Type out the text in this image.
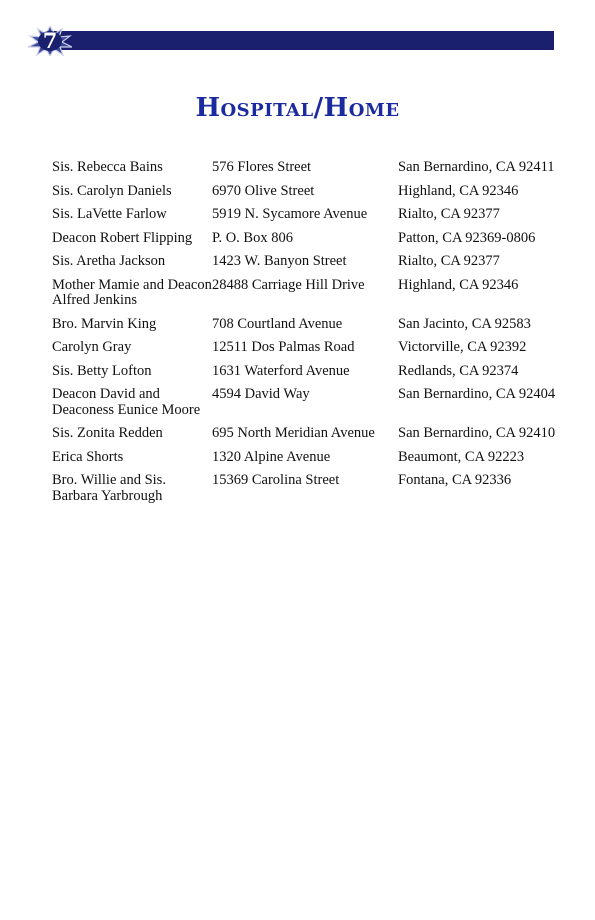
7
Hospital/Home
Sis. Rebecca Bains	576 Flores Street	San Bernardino, CA 92411
Sis. Carolyn Daniels	6970 Olive Street	Highland, CA 92346
Sis. LaVette Farlow	5919 N. Sycamore Avenue	Rialto, CA 92377
Deacon Robert Flipping	P. O. Box 806	Patton, CA 92369-0806
Sis. Aretha Jackson	1423 W. Banyon Street	Rialto, CA 92377
Mother Mamie and Deacon Alfred Jenkins	28488 Carriage Hill Drive	Highland, CA 92346
Bro. Marvin King	708 Courtland Avenue	San Jacinto, CA 92583
Carolyn Gray	12511 Dos Palmas Road	Victorville, CA 92392
Sis. Betty Lofton	1631 Waterford Avenue	Redlands, CA 92374
Deacon David and Deaconess Eunice Moore	4594 David Way	San Bernardino, CA 92404
Sis. Zonita Redden	695 North Meridian Avenue	San Bernardino, CA 92410
Erica Shorts	1320 Alpine Avenue	Beaumont, CA 92223
Bro. Willie and Sis. Barbara Yarbrough	15369 Carolina Street	Fontana, CA 92336
